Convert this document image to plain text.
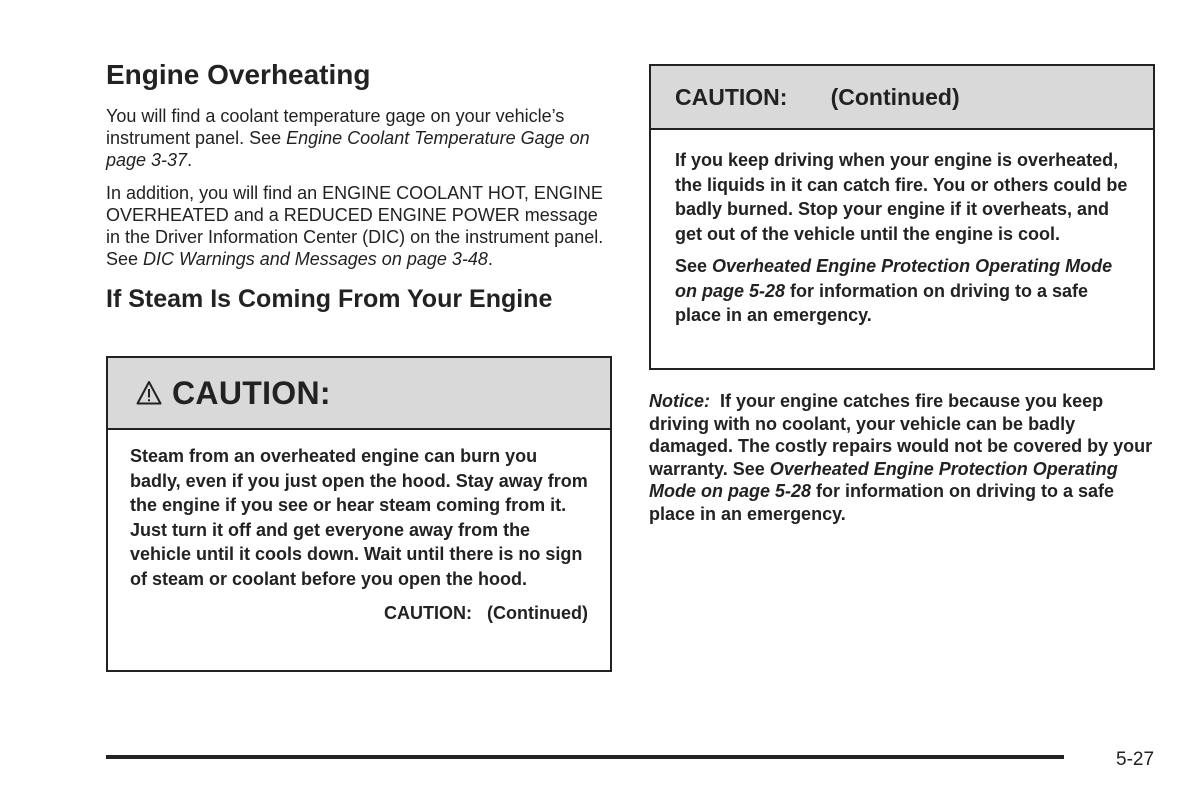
Engine Overheating

You will find a coolant temperature gage on your vehicle’s instrument panel. See Engine Coolant Temperature Gage on page 3-37.

In addition, you will find an ENGINE COOLANT HOT, ENGINE OVERHEATED and a REDUCED ENGINE POWER message in the Driver Information Center (DIC) on the instrument panel. See DIC Warnings and Messages on page 3-48.

If Steam Is Coming From Your Engine
CAUTION:
Steam from an overheated engine can burn you badly, even if you just open the hood. Stay away from the engine if you see or hear steam coming from it. Just turn it off and get everyone away from the vehicle until it cools down. Wait until there is no sign of steam or coolant before you open the hood.
CAUTION:   (Continued)
CAUTION:   (Continued)

If you keep driving when your engine is overheated, the liquids in it can catch fire. You or others could be badly burned. Stop your engine if it overheats, and get out of the vehicle until the engine is cool.

See Overheated Engine Protection Operating Mode on page 5-28 for information on driving to a safe place in an emergency.

Notice:  If your engine catches fire because you keep driving with no coolant, your vehicle can be badly damaged. The costly repairs would not be covered by your warranty. See Overheated Engine Protection Operating Mode on page 5-28 for information on driving to a safe place in an emergency.
5-27
